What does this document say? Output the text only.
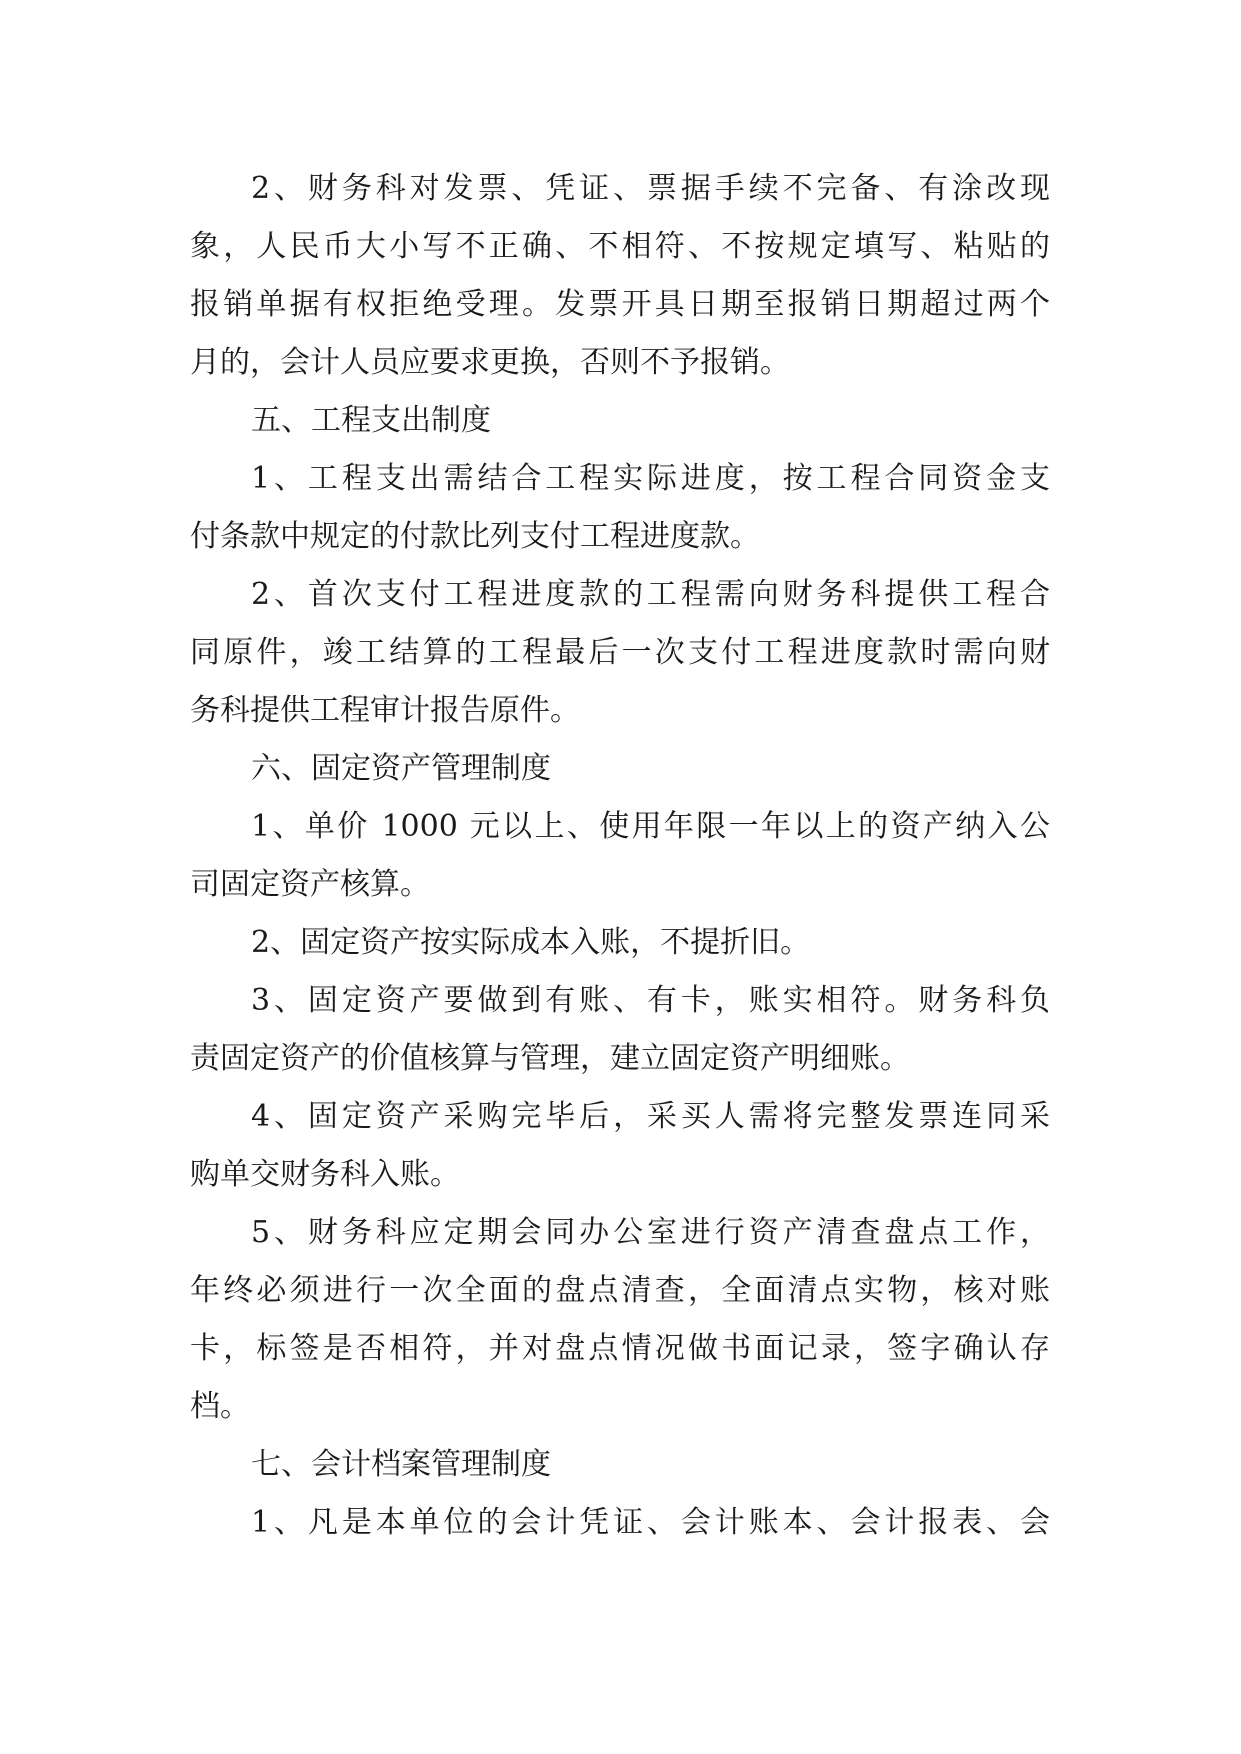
2、财务科对发票、凭证、票据手续不完备、有涂改现
象，人民币大小写不正确、不相符、不按规定填写、粘贴的
报销单据有权拒绝受理。发票开具日期至报销日期超过两个
月的，会计人员应要求更换，否则不予报销。
五、工程支出制度
1、工程支出需结合工程实际进度，按工程合同资金支
付条款中规定的付款比列支付工程进度款。
2、首次支付工程进度款的工程需向财务科提供工程合
同原件，竣工结算的工程最后一次支付工程进度款时需向财
务科提供工程审计报告原件。
六、固定资产管理制度
1、单价 1000 元以上、使用年限一年以上的资产纳入公
司固定资产核算。
2、固定资产按实际成本入账，不提折旧。
3、固定资产要做到有账、有卡，账实相符。财务科负
责固定资产的价值核算与管理，建立固定资产明细账。
4、固定资产采购完毕后，采买人需将完整发票连同采
购单交财务科入账。
5、财务科应定期会同办公室进行资产清查盘点工作，
年终必须进行一次全面的盘点清查，全面清点实物，核对账
卡，标签是否相符，并对盘点情况做书面记录，签字确认存
档。
七、会计档案管理制度
1、凡是本单位的会计凭证、会计账本、会计报表、会
